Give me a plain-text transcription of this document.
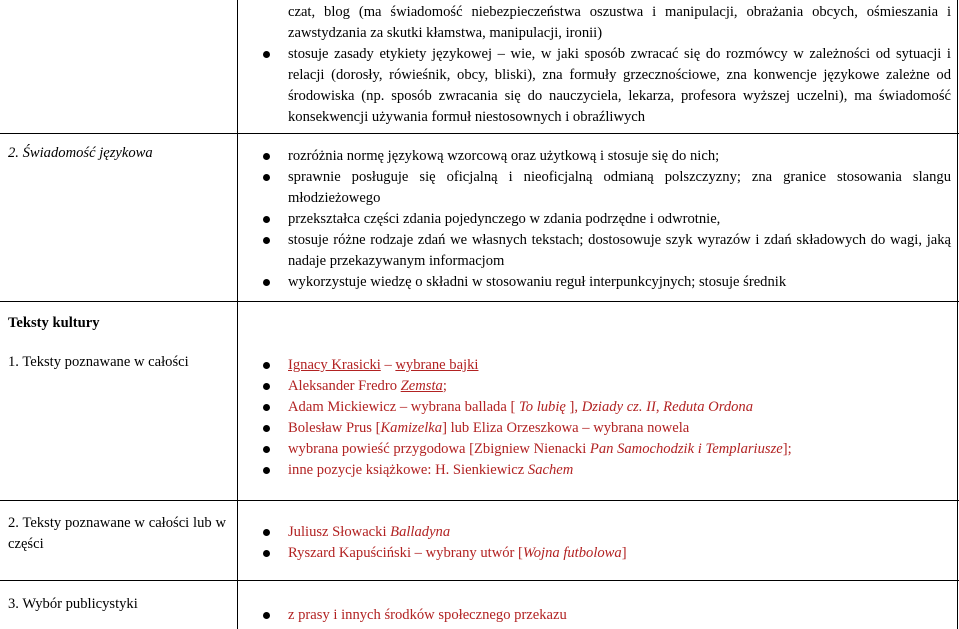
czat, blog (ma świadomość niebezpieczeństwa oszustwa i manipulacji, obrażania obcych, ośmieszania i zawstydzania za skutki kłamstwa, manipulacji, ironii)
stosuje zasady etykiety językowej – wie, w jaki sposób zwracać się do rozmówcy w zależności od sytuacji i relacji (dorosły, rówieśnik, obcy, bliski), zna formuły grzecznościowe, zna konwencje językowe zależne od środowiska (np. sposób zwracania się do nauczyciela, lekarza, profesora wyższej uczelni), ma świadomość konsekwencji używania formuł niestosownych i obraźliwych
2. Świadomość językowa	rozróżnia normę językową wzorcową oraz użytkową i stosuje się do nich;
sprawnie posługuje się oficjalną i nieoficjalną odmianą polszczyzny; zna granice stosowania slangu młodzieżowego
przekształca części zdania pojedynczego w zdania podrzędne i odwrotnie,
stosuje różne rodzaje zdań we własnych tekstach; dostosowuje szyk wyrazów i zdań składowych do wagi, jaką nadaje przekazywanym informacjom
wykorzystuje wiedzę o składni w stosowaniu reguł interpunkcyjnych; stosuje średnik
Teksty kultury
1. Teksty poznawane w całości	Ignacy Krasicki – wybrane bajki
Aleksander Fredro Zemsta;
Adam Mickiewicz – wybrana ballada [ To lubię ], Dziady cz. II, Reduta Ordona
Bolesław Prus [Kamizelka] lub Eliza Orzeszkowa – wybrana nowela
wybrana powieść przygodowa [Zbigniew Nienacki Pan Samochodzik i Templariusze];
inne pozycje książkowe: H. Sienkiewicz Sachem
2. Teksty poznawane w całości lub w części
Juliusz Słowacki Balladyna
Ryszard Kapuściński – wybrany utwór [Wojna futbolowa]
3. Wybór publicystyki
z prasy i innych środków społecznego przekazu
